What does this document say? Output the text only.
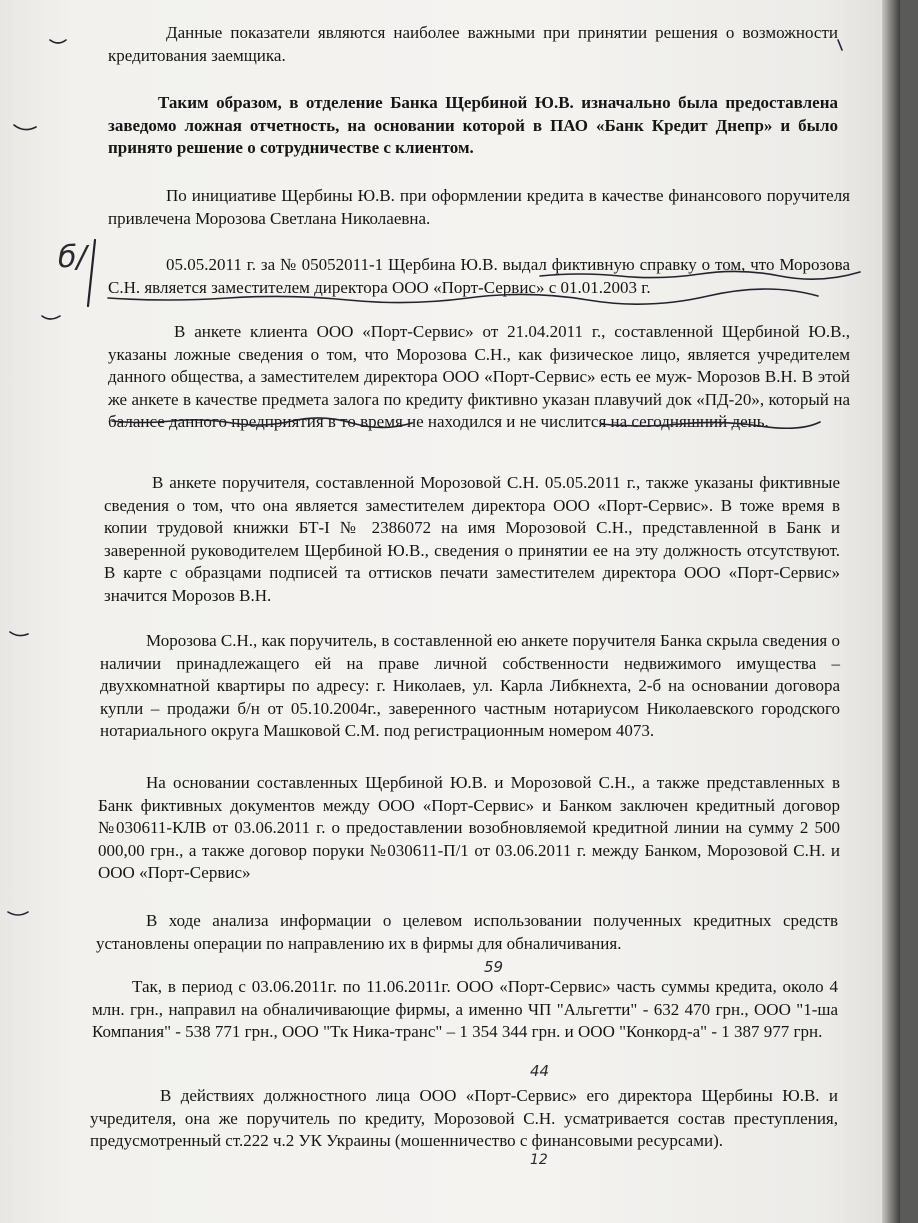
Данные показатели являются наиболее важными при принятии решения о возможности кредитования заемщика.

Таким образом, в отделение Банка Щербиной Ю.В. изначально была предоставлена заведомо ложная отчетность, на основании которой в ПАО «Банк Кредит Днепр» и было принято решение о сотрудничестве с клиентом.

По инициативе Щербины Ю.В. при оформлении кредита в качестве финансового поручителя привлечена Морозова Светлана Николаевна.

05.05.2011 г. за № 05052011-1 Щербина Ю.В. выдал фиктивную справку о том, что Морозова С.Н. является заместителем директора ООО «Порт-Сервис» с 01.01.2003 г.

В анкете клиента ООО «Порт-Сервис» от 21.04.2011 г., составленной Щербиной Ю.В., указаны ложные сведения о том, что Морозова С.Н., как физическое лицо, является учредителем данного общества, а заместителем директора ООО «Порт-Сервис» есть ее муж- Морозов В.Н. В этой же анкете в качестве предмета залога по кредиту фиктивно указан плавучий док «ПД-20», который на балансе данного предприятия в то время не находился и не числится на сегодняшний день.

В анкете поручителя, составленной Морозовой С.Н. 05.05.2011 г., также указаны фиктивные сведения о том, что она является заместителем директора ООО «Порт-Сервис». В тоже время в копии трудовой книжки БТ-І № 2386072 на имя Морозовой С.Н., представленной в Банк и заверенной руководителем Щербиной Ю.В., сведения о принятии ее на эту должность отсутствуют. В карте с образцами подписей та оттисков печати заместителем директора ООО «Порт-Сервис» значится Морозов В.Н.

Морозова С.Н., как поручитель, в составленной ею анкете поручителя Банка скрыла сведения о наличии принадлежащего ей на праве личной собственности недвижимого имущества – двухкомнатной квартиры по адресу: г. Николаев, ул. Карла Либкнехта, 2-б на основании договора купли – продажи б/н от 05.10.2004г., заверенного частным нотариусом Николаевского городского нотариального округа Машковой С.М. под регистрационным номером 4073.

На основании составленных Щербиной Ю.В. и Морозовой С.Н., а также представленных в Банк фиктивных документов между ООО «Порт-Сервис» и Банком заключен кредитный договор №030611-КЛВ от 03.06.2011 г. о предоставлении возобновляемой кредитной линии на сумму 2 500 000,00 грн., а также договор поруки №030611-П/1 от 03.06.2011 г. между Банком, Морозовой С.Н. и ООО «Порт-Сервис»

В ходе анализа информации о целевом использовании полученных кредитных средств установлены операции по направлению их в фирмы для обналичивания.

Так, в период с 03.06.2011г. по 11.06.2011г. ООО «Порт-Сервис» часть суммы кредита, около 4 млн. грн., направил на обналичивающие фирмы, а именно ЧП "Альгетти" - 632 470 грн., ООО "1-ша Компания" - 538 771 грн., ООО "Тк Ника-транс" – 1 354 344 грн. и ООО "Конкорд-а" - 1 387 977 грн.

В действиях должностного лица ООО «Порт-Сервис» его директора Щербины Ю.В. и учредителя, она же поручитель по кредиту, Морозовой С.Н. усматривается состав преступления, предусмотренный ст.222 ч.2 УК Украины (мошенничество с финансовыми ресурсами).

б/
59
44
12
